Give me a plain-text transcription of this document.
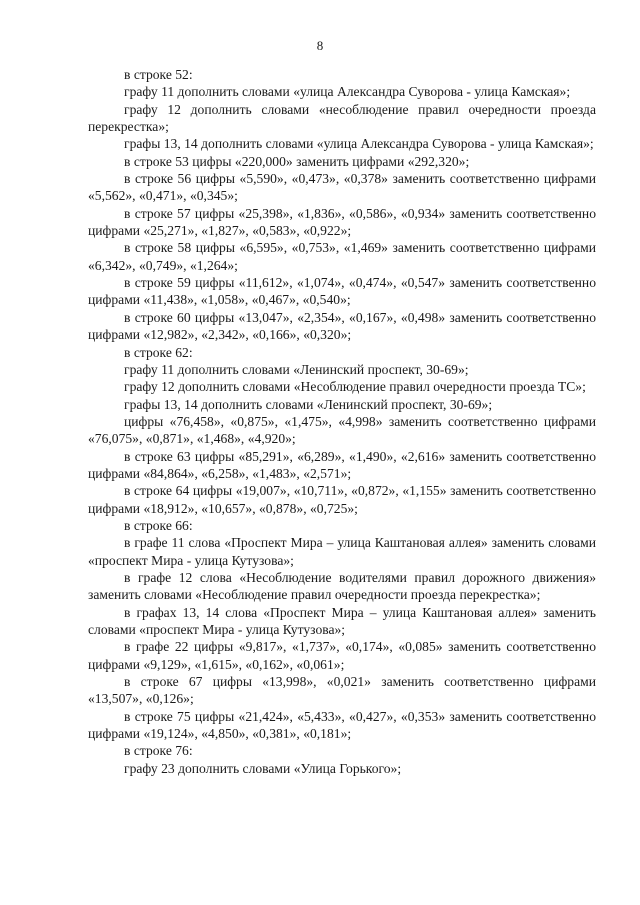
8

в строке 52:

графу 11 дополнить словами «улица Александра Суворова - улица Камская»;

графу 12 дополнить словами «несоблюдение правил очередности проезда перекрестка»;

графы 13, 14 дополнить словами «улица Александра Суворова - улица Камская»;

в строке 53 цифры «220,000» заменить цифрами «292,320»;

в строке 56 цифры «5,590», «0,473», «0,378» заменить соответственно цифрами «5,562», «0,471», «0,345»;

в строке 57 цифры «25,398», «1,836», «0,586», «0,934» заменить соответственно цифрами «25,271», «1,827», «0,583», «0,922»;

в строке 58 цифры «6,595», «0,753», «1,469» заменить соответственно цифрами «6,342», «0,749», «1,264»;

в строке 59 цифры «11,612», «1,074», «0,474», «0,547» заменить соответственно цифрами «11,438», «1,058», «0,467», «0,540»;

в строке 60 цифры «13,047», «2,354», «0,167», «0,498» заменить соответственно цифрами «12,982», «2,342», «0,166», «0,320»;

в строке 62:

графу 11 дополнить словами «Ленинский проспект, 30-69»;

графу 12 дополнить словами «Несоблюдение правил очередности проезда ТС»;

графы 13, 14 дополнить словами «Ленинский проспект, 30-69»;

цифры «76,458», «0,875», «1,475», «4,998» заменить соответственно цифрами «76,075», «0,871», «1,468», «4,920»;

в строке 63 цифры «85,291», «6,289», «1,490», «2,616» заменить соответственно цифрами «84,864», «6,258», «1,483», «2,571»;

в строке 64 цифры «19,007», «10,711», «0,872», «1,155» заменить соответственно цифрами «18,912», «10,657», «0,878», «0,725»;

в строке 66:

в графе 11 слова «Проспект Мира – улица Каштановая аллея» заменить словами «проспект Мира - улица Кутузова»;

в графе 12 слова «Несоблюдение водителями правил дорожного движения» заменить словами «Несоблюдение правил очередности проезда перекрестка»;

в графах 13, 14 слова «Проспект Мира – улица Каштановая аллея» заменить словами «проспект Мира - улица Кутузова»;

в графе 22 цифры «9,817», «1,737», «0,174», «0,085» заменить соответственно цифрами «9,129», «1,615», «0,162», «0,061»;

в строке 67 цифры «13,998», «0,021» заменить соответственно цифрами «13,507», «0,126»;

в строке 75 цифры «21,424», «5,433», «0,427», «0,353» заменить соответственно цифрами «19,124», «4,850», «0,381», «0,181»;

в строке 76:

графу 23 дополнить словами «Улица Горького»;
